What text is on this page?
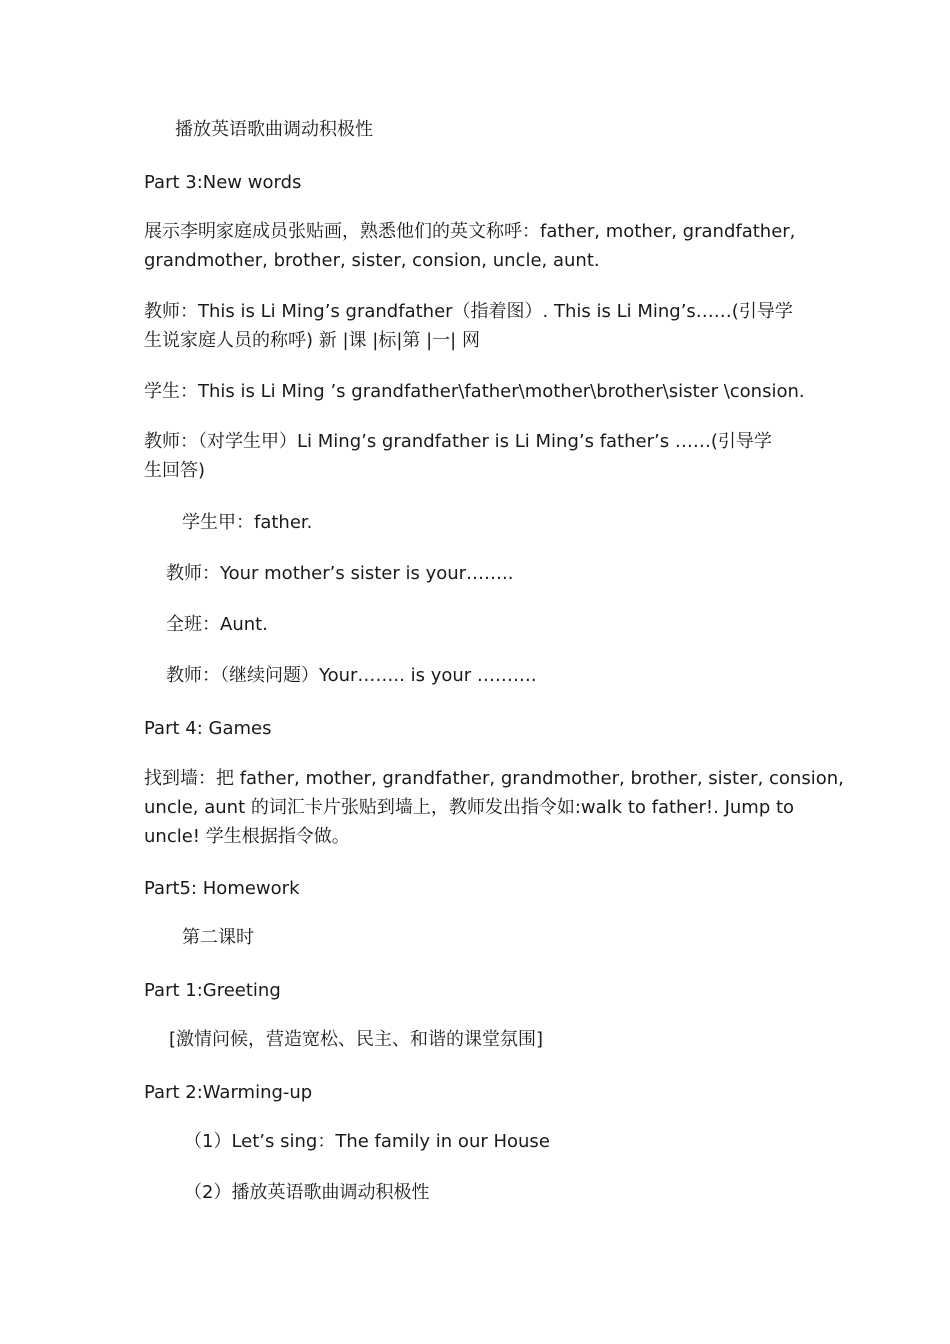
播放英语歌曲调动积极性
Part 3:New words
展示李明家庭成员张贴画，熟悉他们的英文称呼：father, mother, grandfather,
grandmother, brother, sister, consion, uncle, aunt.
教师：This is Li Ming’s grandfather（指着图）. This is Li Ming’s……(引导学
生说家庭人员的称呼) 新 |课 |标|第 |一| 网
学生：This is Li Ming ’s grandfather\father\mother\brother\sister \consion.
教师：（对学生甲）Li Ming’s grandfather is Li Ming’s father’s ……(引导学
生回答)
学生甲：father.
教师：Your mother’s sister is your……..
全班：Aunt.
教师：（继续问题）Your…….. is your ……….
Part 4: Games
找到墙：把 father, mother, grandfather, grandmother, brother, sister, consion,
uncle, aunt 的词汇卡片张贴到墙上，教师发出指令如:walk to father!. Jump to
uncle! 学生根据指令做。
Part5: Homework
第二课时
Part 1:Greeting
[激情问候，营造宽松、民主、和谐的课堂氛围]
Part 2:Warming-up
（1）Let’s sing：The family in our House
（2）播放英语歌曲调动积极性
